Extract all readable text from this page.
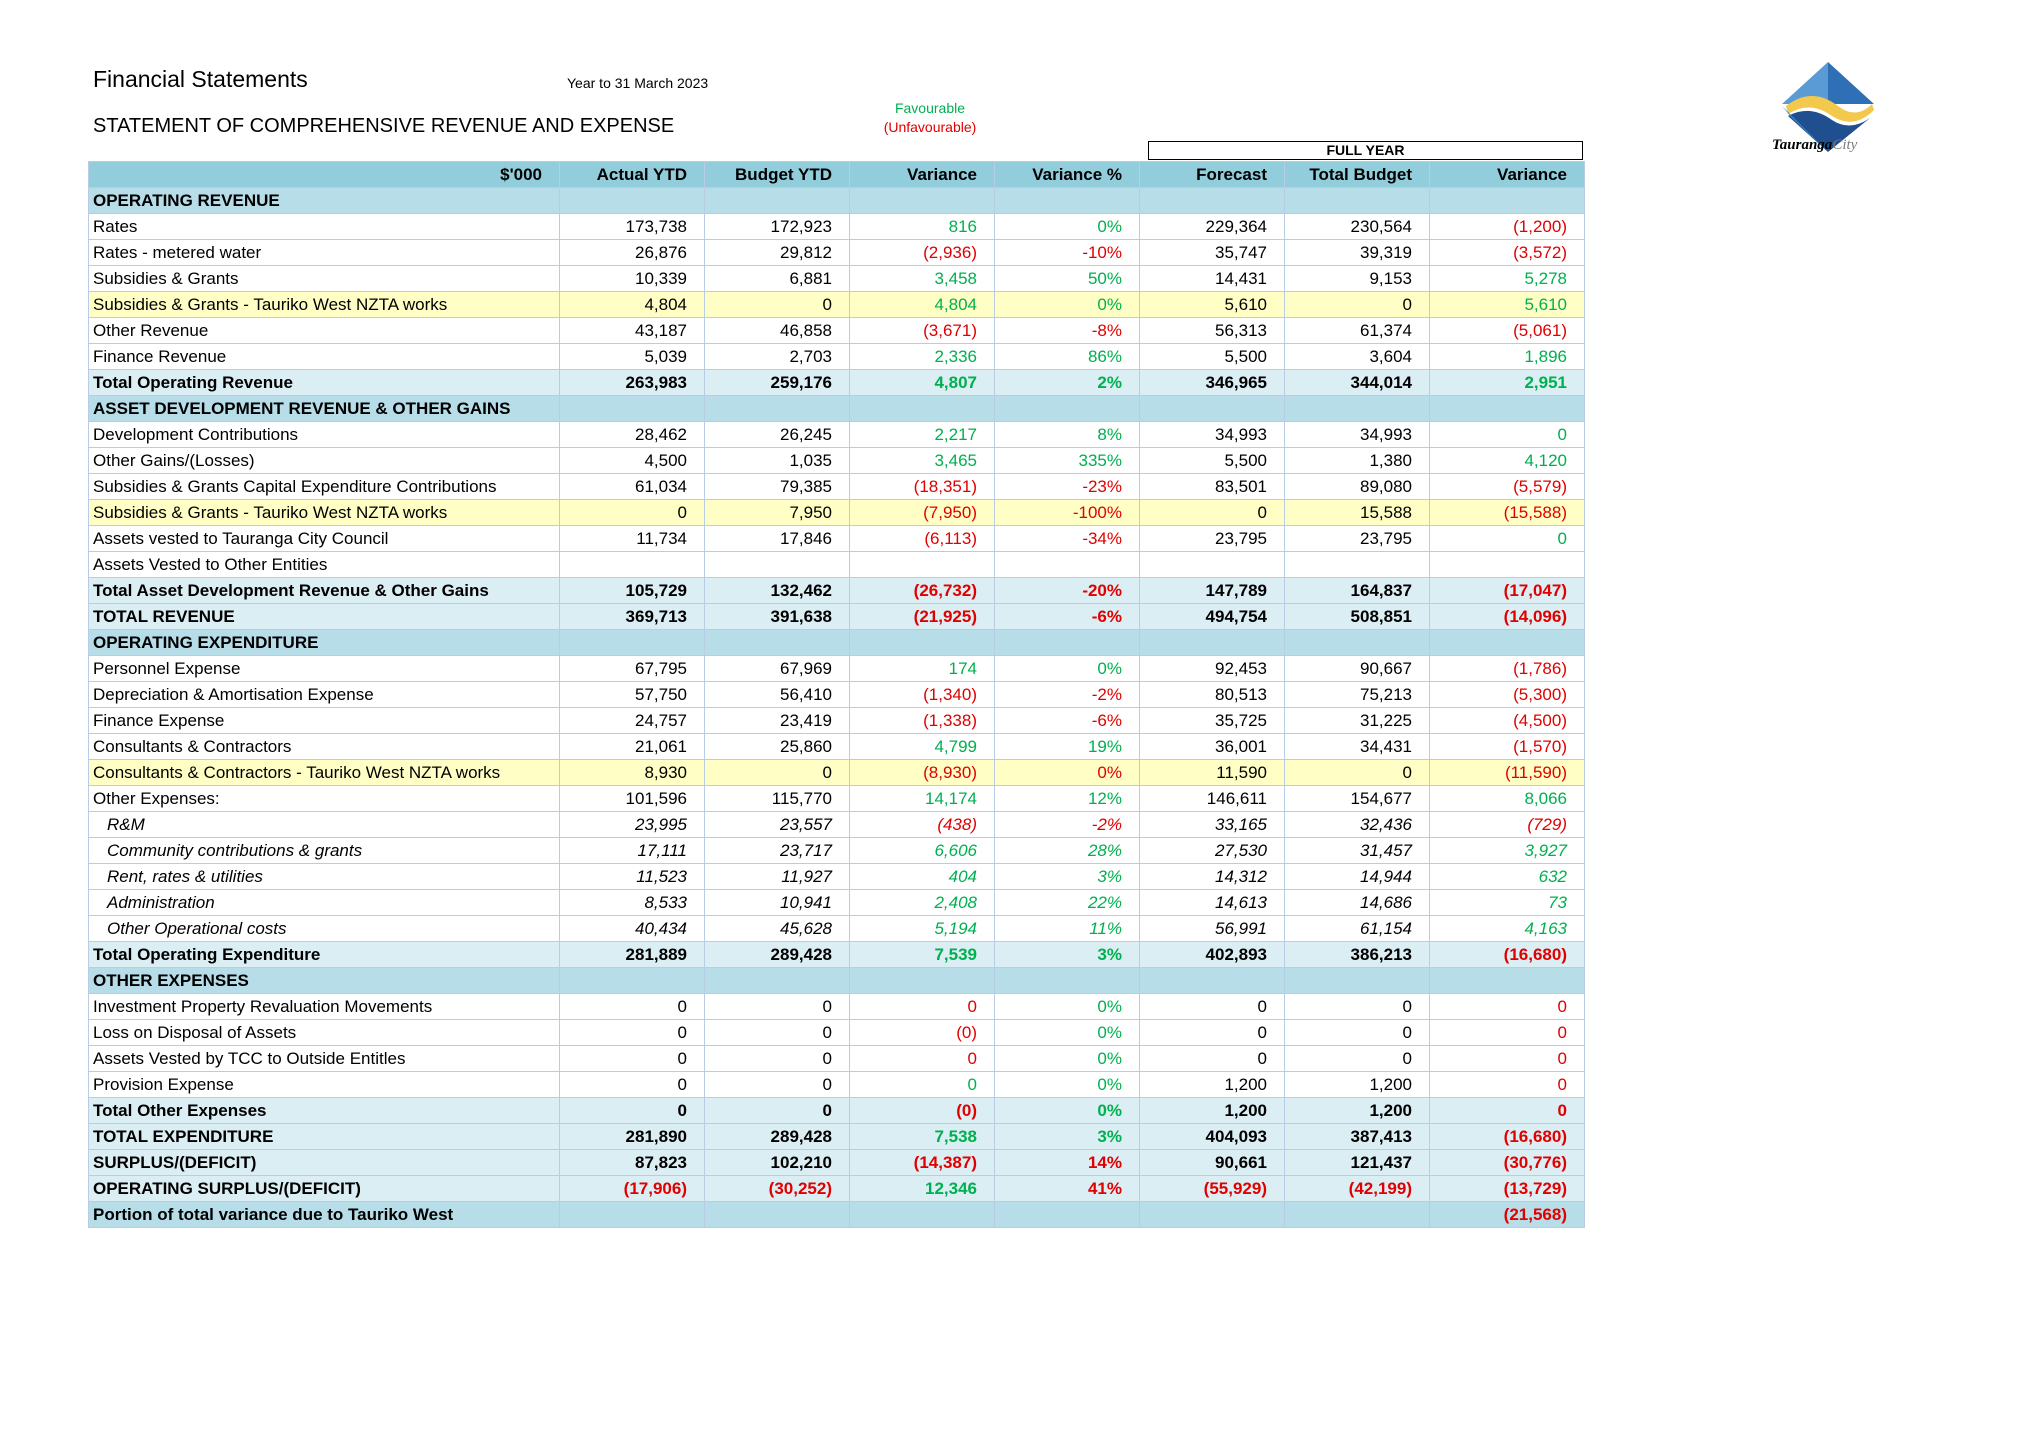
Financial Statements	Year to 31 March 2023
STATEMENT OF COMPREHENSIVE REVENUE AND EXPENSE
Favourable
(Unfavourable)
FULL YEAR	TaurangaCity
$'000	Actual YTD	Budget YTD	Variance	Variance %	Forecast	Total Budget	Variance
OPERATING REVENUE							
Rates	173,738	172,923	816	0%	229,364	230,564	(1,200)
Rates - metered water	26,876	29,812	(2,936)	-10%	35,747	39,319	(3,572)
Subsidies & Grants	10,339	6,881	3,458	50%	14,431	9,153	5,278
Subsidies & Grants - Tauriko West NZTA works	4,804	0	4,804	0%	5,610	0	5,610
Other Revenue	43,187	46,858	(3,671)	-8%	56,313	61,374	(5,061)
Finance Revenue	5,039	2,703	2,336	86%	5,500	3,604	1,896
Total Operating Revenue	263,983	259,176	4,807	2%	346,965	344,014	2,951
ASSET DEVELOPMENT REVENUE & OTHER GAINS							
Development Contributions	28,462	26,245	2,217	8%	34,993	34,993	0
Other Gains/(Losses)	4,500	1,035	3,465	335%	5,500	1,380	4,120
Subsidies & Grants Capital Expenditure Contributions	61,034	79,385	(18,351)	-23%	83,501	89,080	(5,579)
Subsidies & Grants - Tauriko West NZTA works	0	7,950	(7,950)	-100%	0	15,588	(15,588)
Assets vested to Tauranga City Council	11,734	17,846	(6,113)	-34%	23,795	23,795	0
Assets Vested to Other Entities							
Total Asset Development Revenue & Other Gains	105,729	132,462	(26,732)	-20%	147,789	164,837	(17,047)
TOTAL REVENUE	369,713	391,638	(21,925)	-6%	494,754	508,851	(14,096)
OPERATING EXPENDITURE							
Personnel Expense	67,795	67,969	174	0%	92,453	90,667	(1,786)
Depreciation & Amortisation Expense	57,750	56,410	(1,340)	-2%	80,513	75,213	(5,300)
Finance Expense	24,757	23,419	(1,338)	-6%	35,725	31,225	(4,500)
Consultants & Contractors	21,061	25,860	4,799	19%	36,001	34,431	(1,570)
Consultants & Contractors - Tauriko West NZTA works	8,930	0	(8,930)	0%	11,590	0	(11,590)
Other Expenses:	101,596	115,770	14,174	12%	146,611	154,677	8,066
R&M	23,995	23,557	(438)	-2%	33,165	32,436	(729)
Community contributions & grants	17,111	23,717	6,606	28%	27,530	31,457	3,927
Rent, rates & utilities	11,523	11,927	404	3%	14,312	14,944	632
Administration	8,533	10,941	2,408	22%	14,613	14,686	73
Other Operational costs	40,434	45,628	5,194	11%	56,991	61,154	4,163
Total Operating Expenditure	281,889	289,428	7,539	3%	402,893	386,213	(16,680)
OTHER EXPENSES							
Investment Property Revaluation Movements	0	0	0	0%	0	0	0
Loss on Disposal of Assets	0	0	(0)	0%	0	0	0
Assets Vested by TCC to Outside Entitles	0	0	0	0%	0	0	0
Provision Expense	0	0	0	0%	1,200	1,200	0
Total Other Expenses	0	0	(0)	0%	1,200	1,200	0
TOTAL EXPENDITURE	281,890	289,428	7,538	3%	404,093	387,413	(16,680)
SURPLUS/(DEFICIT)	87,823	102,210	(14,387)	14%	90,661	121,437	(30,776)
OPERATING SURPLUS/(DEFICIT)	(17,906)	(30,252)	12,346	41%	(55,929)	(42,199)	(13,729)
Portion of total variance due to Tauriko West							(21,568)
